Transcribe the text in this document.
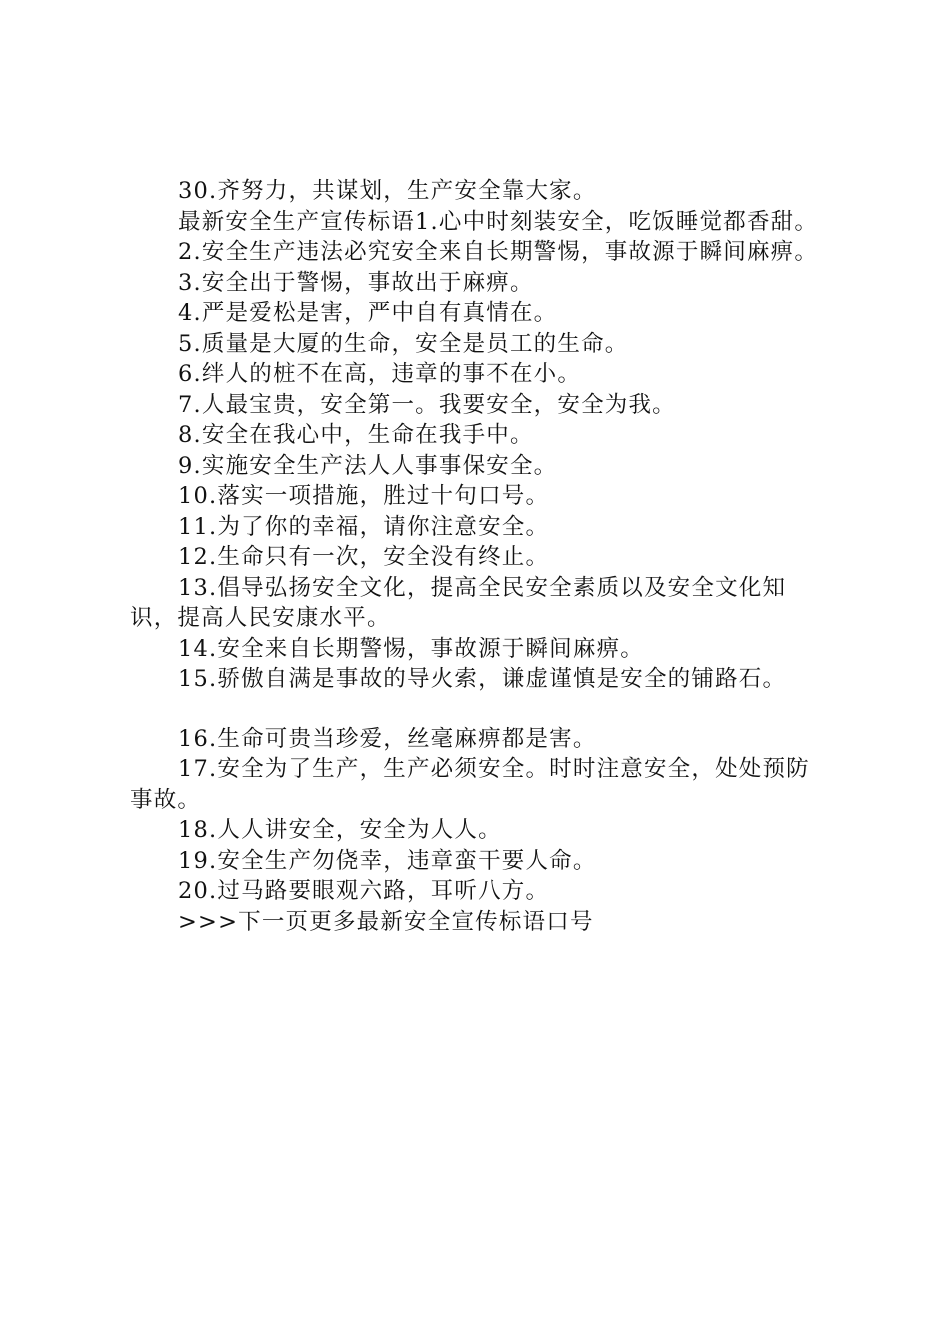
30.齐努力，共谋划，生产安全靠大家。

最新安全生产宣传标语1.心中时刻装安全，吃饭睡觉都香甜。

2.安全生产违法必究安全来自长期警惕，事故源于瞬间麻痹。

3.安全出于警惕，事故出于麻痹。

4.严是爱松是害，严中自有真情在。

5.质量是大厦的生命，安全是员工的生命。

6.绊人的桩不在高，违章的事不在小。

7.人最宝贵，安全第一。我要安全，安全为我。

8.安全在我心中，生命在我手中。

9.实施安全生产法人人事事保安全。

10.落实一项措施，胜过十句口号。

11.为了你的幸福，请你注意安全。

12.生命只有一次，安全没有终止。

13.倡导弘扬安全文化，提高全民安全素质以及安全文化知识，提高人民安康水平。

14.安全来自长期警惕，事故源于瞬间麻痹。

15.骄傲自满是事故的导火索，谦虚谨慎是安全的铺路石。

16.生命可贵当珍爱，丝毫麻痹都是害。

17.安全为了生产，生产必须安全。时时注意安全，处处预防事故。

18.人人讲安全，安全为人人。

19.安全生产勿侥幸，违章蛮干要人命。

20.过马路要眼观六路，耳听八方。

>>>下一页更多最新安全宣传标语口号
